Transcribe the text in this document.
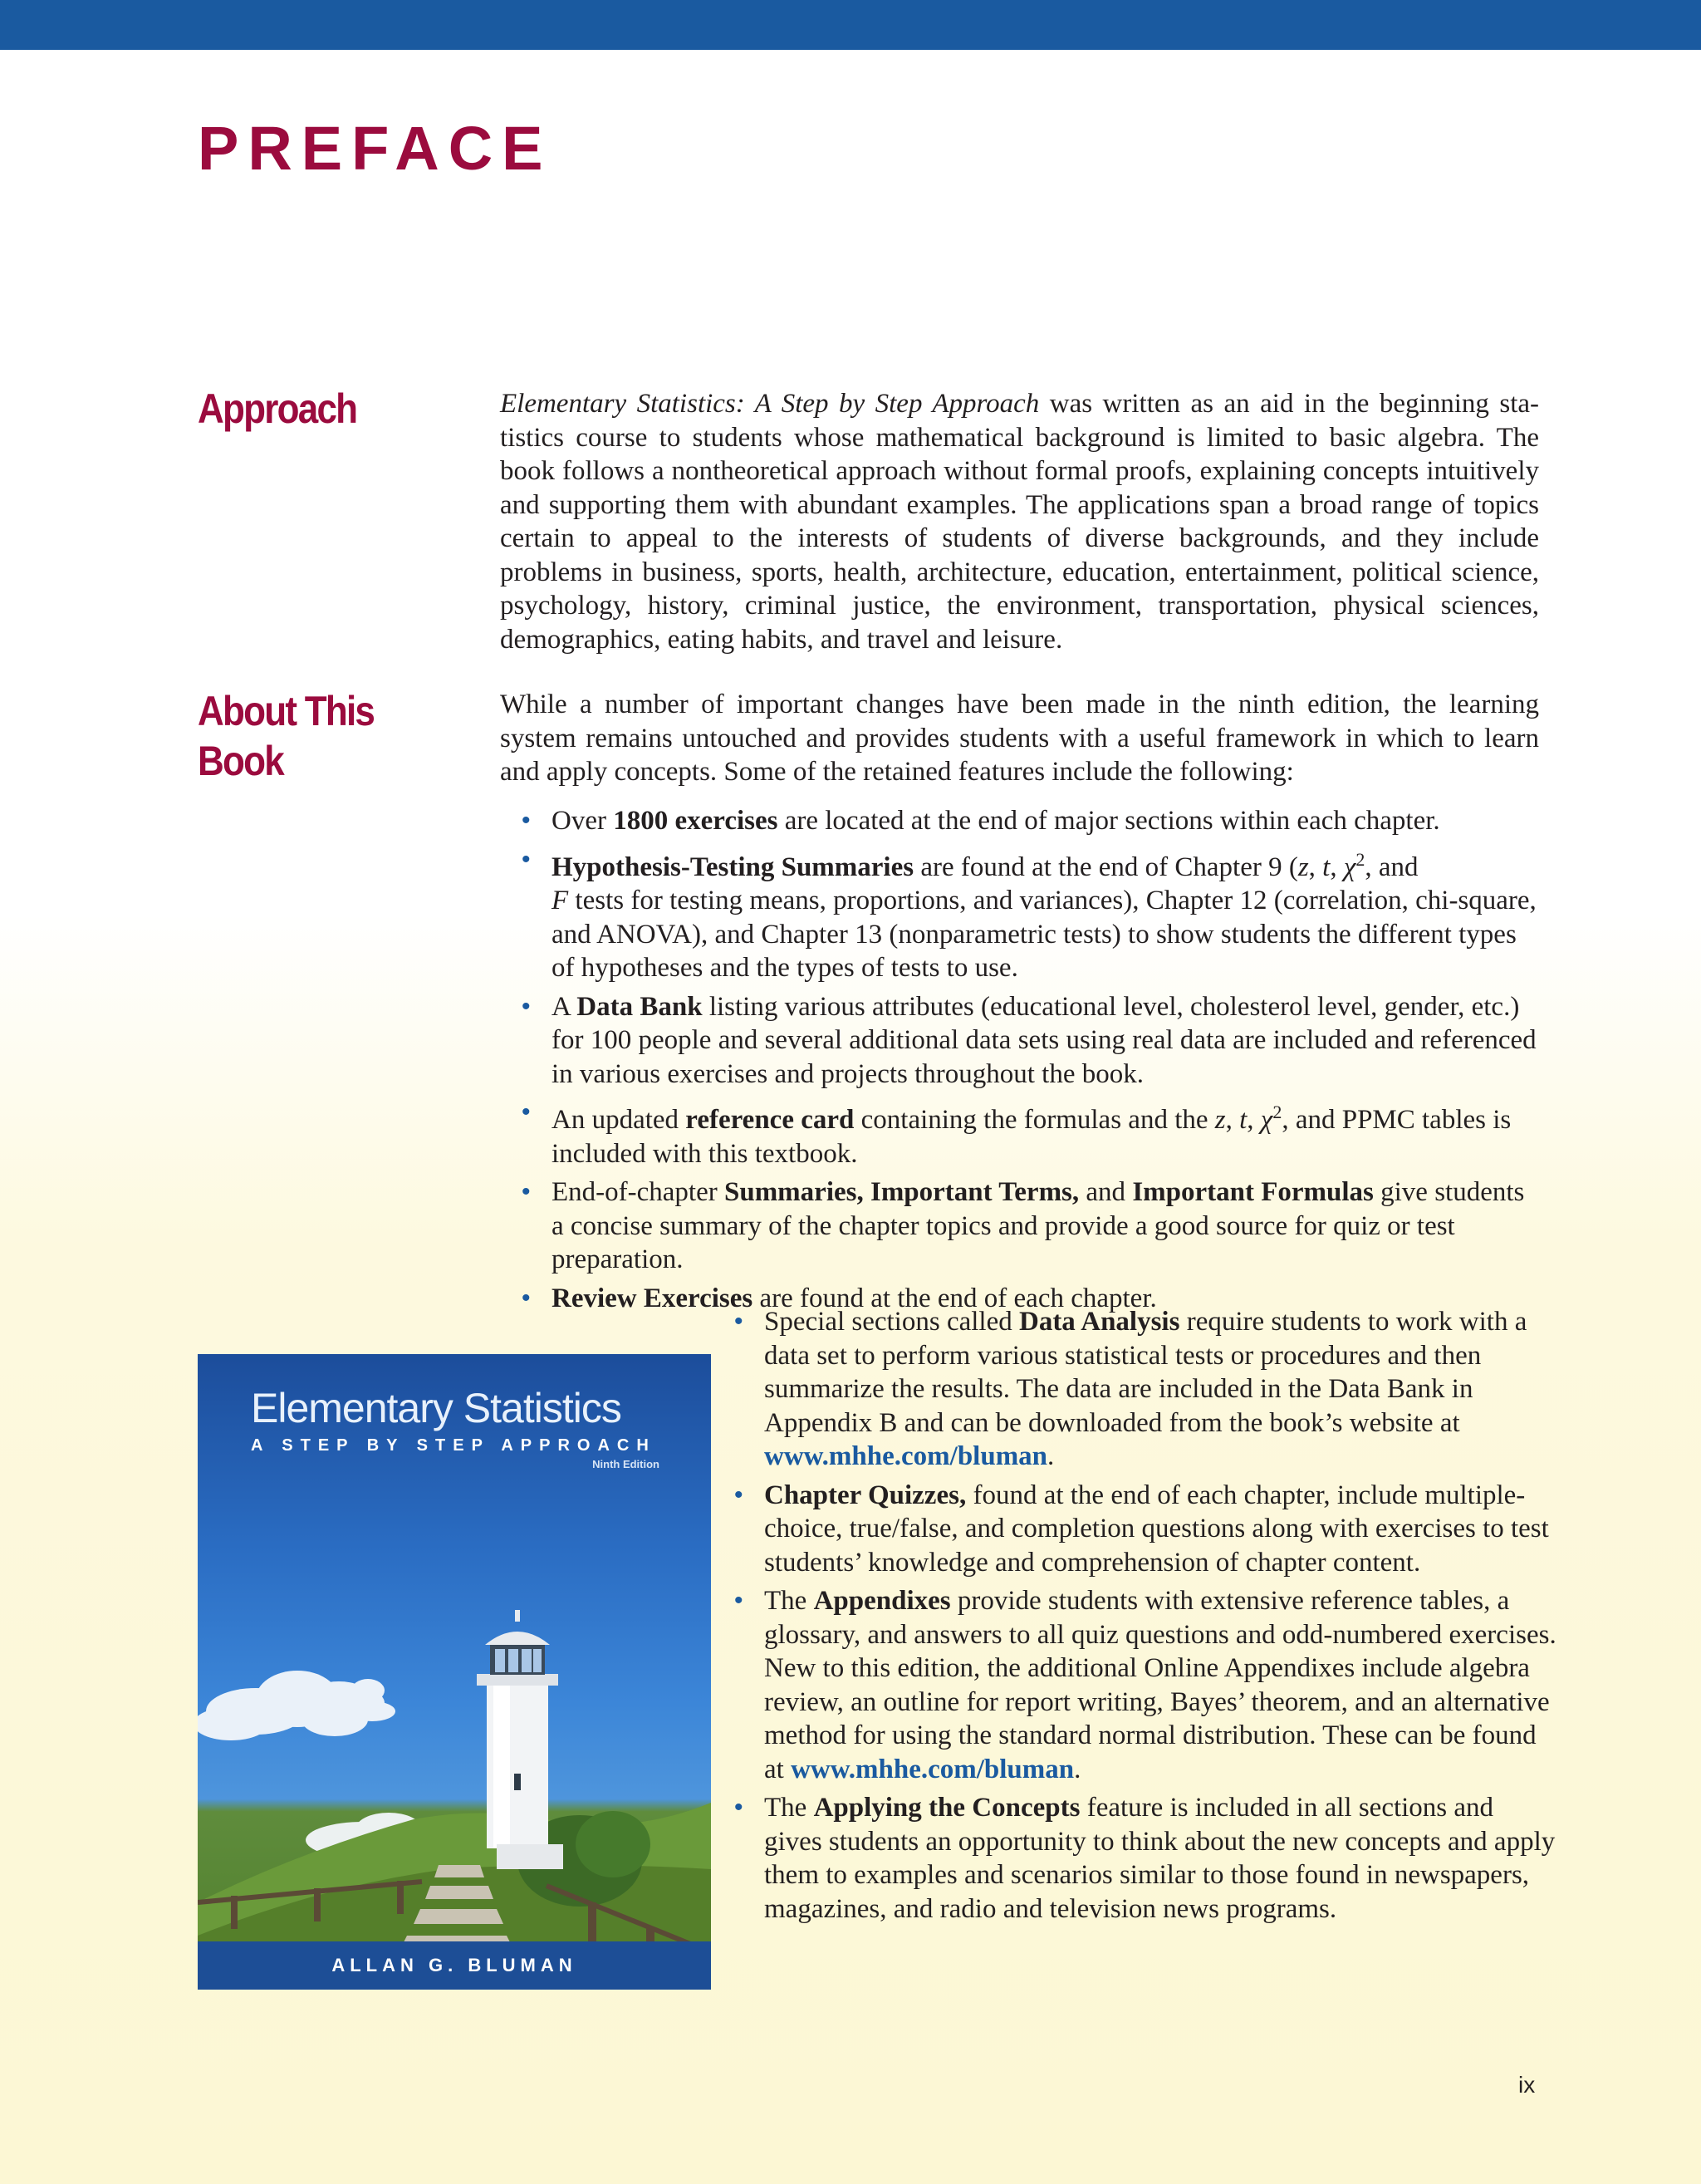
PREFACE
Approach	Elementary Statistics: A Step by Step Approach was written as an aid in the beginning statistics course to students whose mathematical background is limited to basic algebra. The book follows a nontheoretical approach without formal proofs, explaining concepts intuitively and supporting them with abundant examples. The applications span a broad range of topics certain to appeal to the interests of students of diverse backgrounds, and they include problems in business, sports, health, architecture, education, entertainment, political science, psychology, history, criminal justice, the environment, transportation, physical sciences, demographics, eating habits, and travel and leisure.

About This
Book

While a number of important changes have been made in the ninth edition, the learning system remains untouched and provides students with a useful framework in which to learn and apply concepts. Some of the retained features include the following:

• Over 1800 exercises are located at the end of major sections within each chapter.
• Hypothesis-Testing Summaries are found at the end of Chapter 9 (z, t, $\chi^2$, and
F tests for testing means, proportions, and variances), Chapter 12 (correlation, chi-square, and ANOVA), and Chapter 13 (nonparametric tests) to show students the different types of hypotheses and the types of tests to use.
• A Data Bank listing various attributes (educational level, cholesterol level, gender, etc.) for 100 people and several additional data sets using real data are included and referenced in various exercises and projects throughout the book.
• An updated reference card containing the formulas and the z, t, $\chi^2$, and PPMC tables is included with this textbook.
• End-of-chapter Summaries, Important Terms, and Important Formulas give students a concise summary of the chapter topics and provide a good source for quiz or test preparation.
• Review Exercises are found at the end of each chapter.
• Special sections called Data Analysis require students to work with a data set to perform various statistical tests or procedures and then summarize the results. The data are included in the Data Bank in Appendix B and can be downloaded from the book’s website at www.mhhe.com/bluman.
• Chapter Quizzes, found at the end of each chapter, include multiple-choice, true/false, and completion questions along with exercises to test students’ knowledge and comprehension of chapter content.
• The Appendixes provide students with extensive reference tables, a glossary, and answers to all quiz questions and odd-numbered exercises. New to this edition, the additional Online Appendixes include algebra review, an outline for report writing, Bayes’ theorem, and an alternative method for using the standard normal distribution. These can be found at www.mhhe.com/bluman.
• The Applying the Concepts feature is included in all sections and gives students an opportunity to think about the new concepts and apply them to examples and scenarios similar to those found in newspapers, magazines, and radio and television news programs.

Elementary Statistics

A STEP BY STEP APPROACH

Ninth Edition

ALLAN G. BLUMAN

ix
